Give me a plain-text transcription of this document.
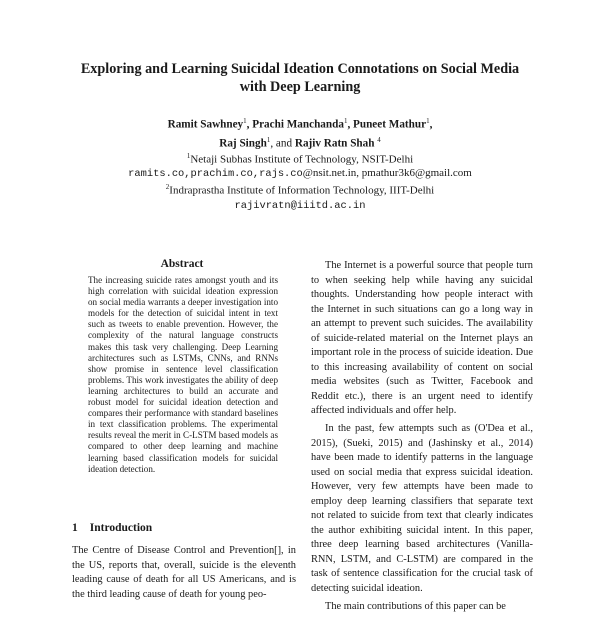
Exploring and Learning Suicidal Ideation Connotations on Social Media
with Deep Learning
Ramit Sawhney$^1$, Prachi Manchanda$^1$, Puneet Mathur$^1$,
Raj Singh$^1$, and Rajiv Ratn Shah $^4$
$^1$Netaji Subhas Institute of Technology, NSIT-Delhi
ramits.co,prachim.co,rajs.co@nsit.net.in, pmathur3k6@gmail.com
$^2$Indraprastha Institute of Information Technology, IIIT-Delhi
rajivratn@iiitd.ac.in
Abstract
The increasing suicide rates amongst youth and its high correlation with suicidal ideation expression on social media warrants a deeper investigation into models for the detection of suicidal intent in text such as tweets to enable prevention. However, the complexity of the natural language constructs makes this task very challenging. Deep Learning architectures such as LSTMs, CNNs, and RNNs show promise in sentence level classification problems. This work investigates the ability of deep learning architectures to build an accurate and robust model for suicidal ideation detection and compares their performance with standard baselines in text classification problems. The experimental results reveal the merit in C-LSTM based models as compared to other deep learning and machine learning based classification models for suicidal ideation detection.
1 Introduction
The Centre of Disease Control and Prevention[], in the US, reports that, overall, suicide is the eleventh leading cause of death for all US Americans, and is the third leading cause of death for young peo-

The Internet is a powerful source that people turn to when seeking help while having any suicidal thoughts. Understanding how people interact with the Internet in such situations can go a long way in an attempt to prevent such suicides. The availability of suicide-related material on the Internet plays an important role in the process of suicide ideation. Due to this increasing availability of content on social media websites (such as Twitter, Facebook and Reddit etc.), there is an urgent need to identify affected individuals and offer help.

In the past, few attempts such as (O'Dea et al., 2015), (Sueki, 2015) and (Jashinsky et al., 2014) have been made to identify patterns in the language used on social media that express suicidal ideation. However, very few attempts have been made to employ deep learning classifiers that separate text not related to suicide from text that clearly indicates the author exhibiting suicidal intent. In this paper, three deep learning based architectures (Vanilla-RNN, LSTM, and C-LSTM) are compared in the task of sentence classification for the crucial task of detecting suicidal ideation.

The main contributions of this paper can be
